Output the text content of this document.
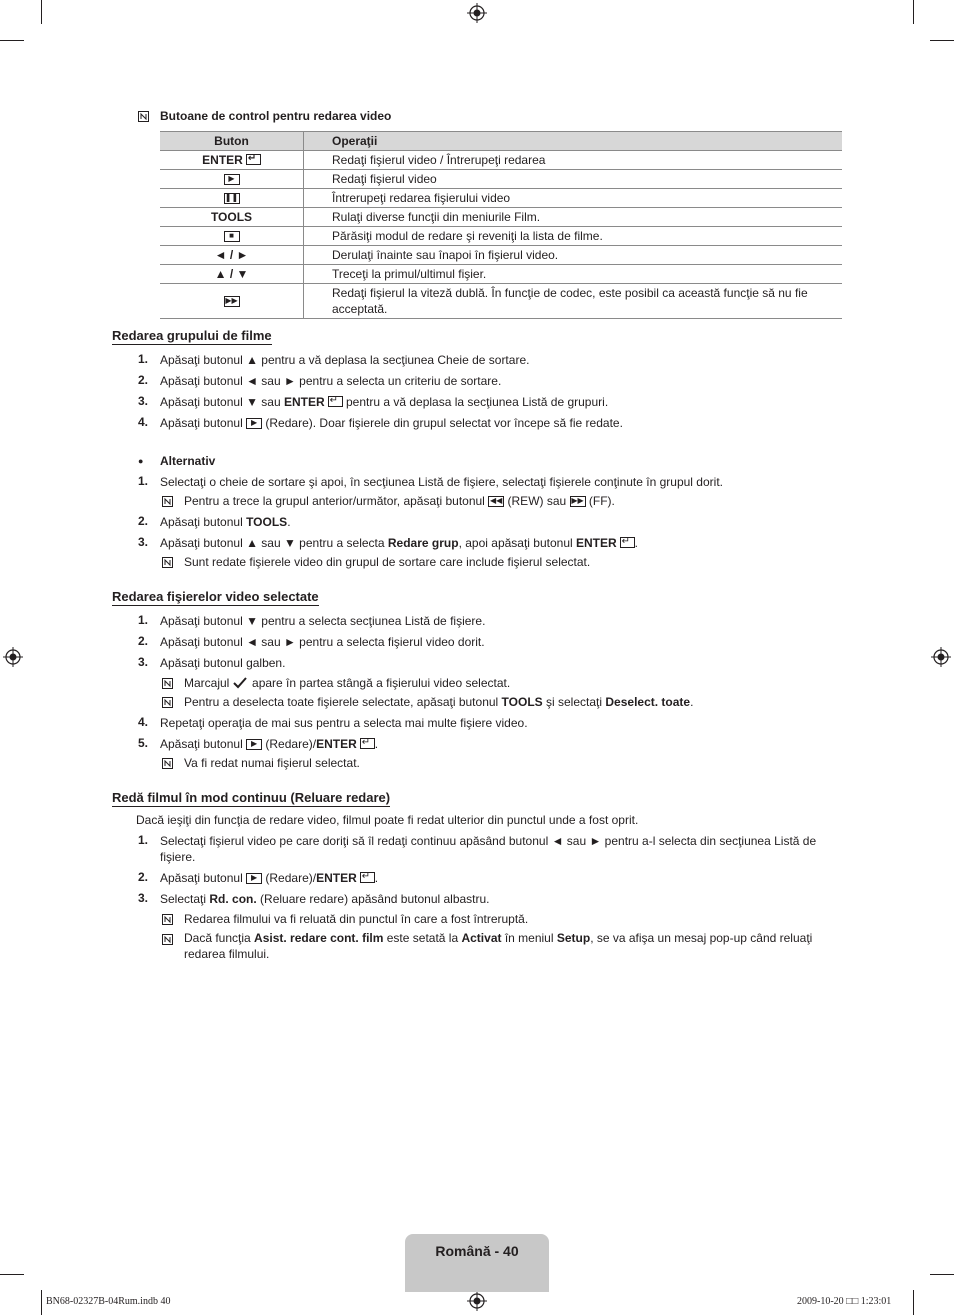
Butoane de control pentru redarea video
Buton	Operaţii
ENTER ↵	Redaţi fişierul video / Întrerupeţi redarea

▶	Redaţi fişierul video

❚❚	Întrerupeţi redarea fişierului video
TOOLS	Rulaţi diverse funcţii din meniurile Film.

■	Părăsiţi modul de redare şi reveniţi la lista de filme.
◄ / ►	Derulaţi înainte sau înapoi în fişierul video.
▲ / ▼	Treceţi la primul/ultimul fişier.

▶▶	Redaţi fişierul la viteză dublă. În funcţie de codec, este posibil ca această funcţie să nu fie acceptată.
Redarea grupului de filme
1. Apăsaţi butonul ▲ pentru a vă deplasa la secţiunea Cheie de sortare.
2. Apăsaţi butonul ◄ sau ► pentru a selecta un criteriu de sortare.
3. Apăsaţi butonul ▼ sau ENTER ↵ pentru a vă deplasa la secţiunea Listă de grupuri.
4. Apăsaţi butonul ▶ (Redare). Doar fişierele din grupul selectat vor începe să fie redate.
● Alternativ
1. Selectaţi o cheie de sortare şi apoi, în secţiunea Listă de fişiere, selectaţi fişierele conţinute în grupul dorit.
Pentru a trece la grupul anterior/următor, apăsaţi butonul ◀◀ (REW) sau ▶▶ (FF).
2. Apăsaţi butonul TOOLS.
3. Apăsaţi butonul ▲ sau ▼ pentru a selecta Redare grup, apoi apăsaţi butonul ENTER ↵ .
Sunt redate fişierele video din grupul de sortare care include fişierul selectat.
Redarea fişierelor video selectate
1. Apăsaţi butonul ▼ pentru a selecta secţiunea Listă de fişiere.
2. Apăsaţi butonul ◄ sau ► pentru a selecta fişierul video dorit.
3. Apăsaţi butonul galben.
Marcajul  apare în partea stângă a fişierului video selectat.
Pentru a deselecta toate fişierele selectate, apăsaţi butonul TOOLS şi selectaţi Deselect. toate.
4. Repetaţi operaţia de mai sus pentru a selecta mai multe fişiere video.
5. Apăsaţi butonul ▶ (Redare)/ENTER ↵ .
Va fi redat numai fişierul selectat.
Redă filmul în mod continuu (Reluare redare)
Dacă ieşiţi din funcţia de redare video, filmul poate fi redat ulterior din punctul unde a fost oprit.
1. Selectaţi fişierul video pe care doriţi să îl redaţi continuu apăsând butonul ◄ sau ► pentru a-l selecta din secţiunea Listă de fişiere.
2. Apăsaţi butonul ▶ (Redare)/ENTER ↵ .
3. Selectaţi Rd. con. (Reluare redare) apăsând butonul albastru.
Redarea filmului va fi reluată din punctul în care a fost întreruptă.
Dacă funcţia Asist. redare cont. film este setată la Activat în meniul Setup, se va afişa un mesaj pop-up când reluaţi redarea filmului.
Română - 40
BN68-02327B-04Rum.indb 40	2009-10-20 □□ 1:23:01
